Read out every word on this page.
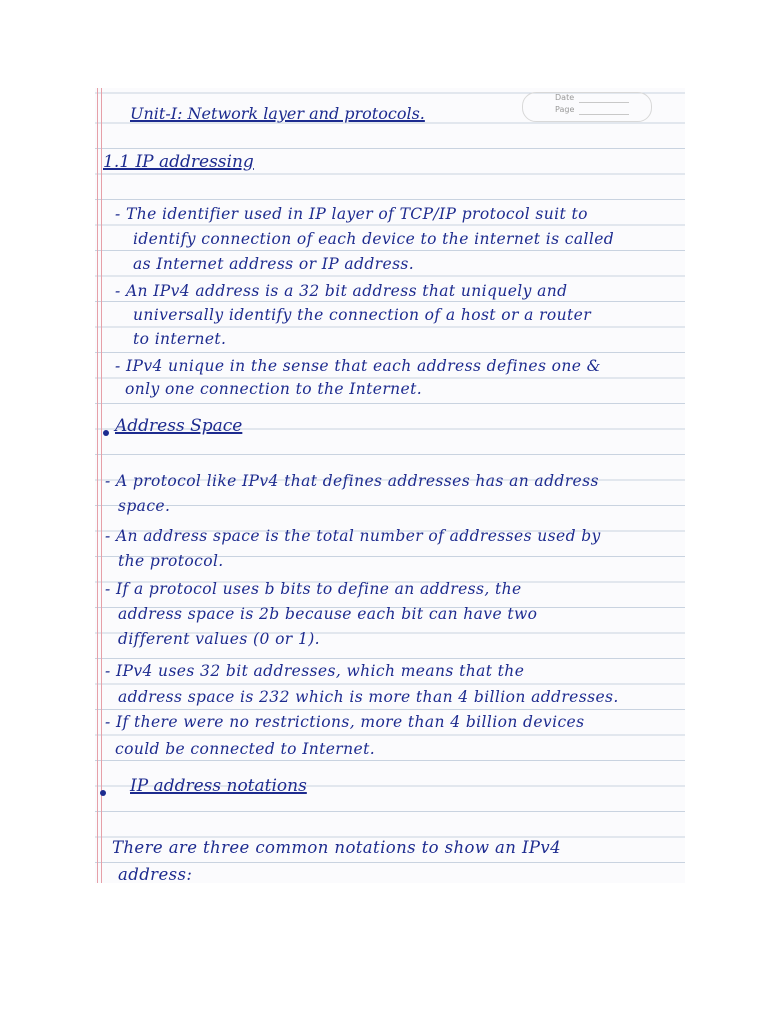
Date
Page
Unit-I: Network layer and protocols.
1.1 IP addressing
- The identifier used in IP layer of TCP/IP protocol suit to
identify connection of each device to the internet is called
as Internet address or IP address.
- An IPv4 address is a 32 bit address that uniquely and
universally identify the connection of a host or a router
to internet.
- IPv4 unique in the sense that each address defines one &
only one connection to the Internet.
Address Space
- A protocol like IPv4 that defines addresses has an address
space.
- An address space is the total number of addresses used by
the protocol.
- If a protocol uses b bits to define an address, the
address space is 2b because each bit can have two
different values (0 or 1).
- IPv4 uses 32 bit addresses, which means that the
address space is 232 which is more than 4 billion addresses.
- If there were no restrictions, more than 4 billion devices
could be connected to Internet.
IP address notations
There are three common notations to show an IPv4
address:
